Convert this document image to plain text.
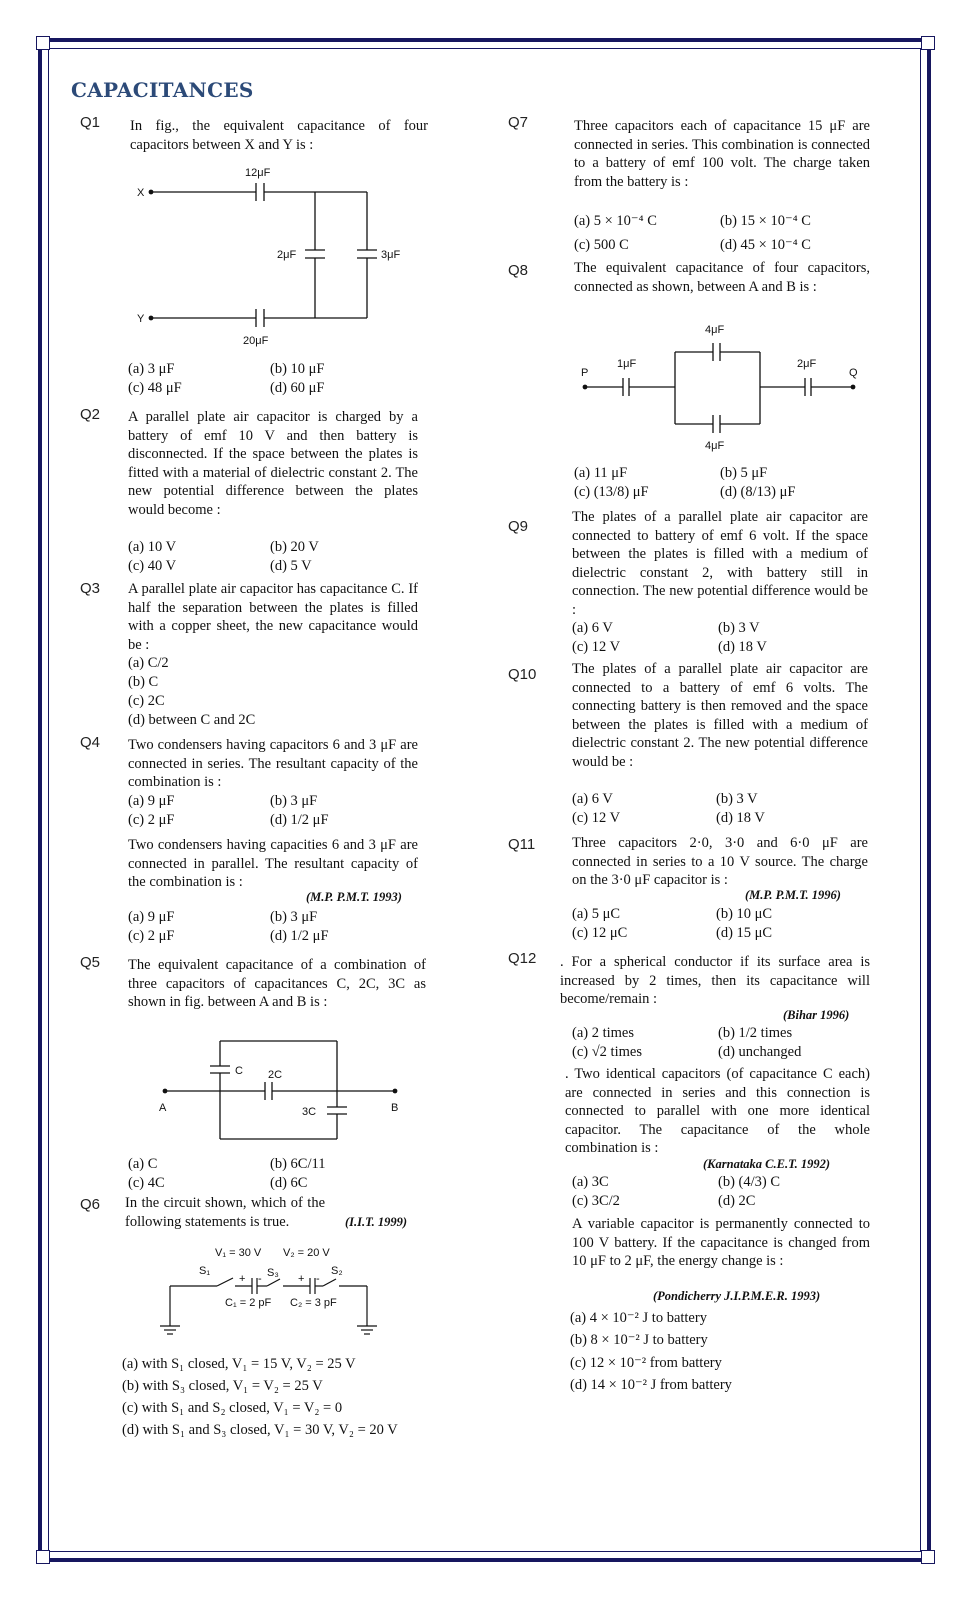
CAPACITANCES
Q1 In fig., the equivalent capacitance of four capacitors between X and Y is :
X
Y
12μF
2μF	3μF
20μF
(a) 3 μF	(b) 10 μF
(c) 48 μF	(d) 60 μF
Q2 A parallel plate air capacitor is charged by a battery of emf 10 V and then battery is disconnected. If the space between the plates is fitted with a material of dielectric constant 2. The new potential difference between the plates would become :
(a) 10 V	(b) 20 V
(c) 40 V	(d) 5 V
Q3 A parallel plate air capacitor has capacitance C. If half the separation between the plates is filled with a copper sheet, the new capacitance would be :
(a) C/2
(b) C
(c) 2C
(d) between C and 2C
Q4 Two condensers having capacitors 6 and 3 μF are connected in series. The resultant capacity of the combination is :
(a) 9 μF	(b) 3 μF
(c) 2 μF	(d) 1/2 μF
Two condensers having capacities 6 and 3 μF are connected in parallel. The resultant capacity of the combination is :
(M.P. P.M.T. 1993)
(a) 9 μF	(b) 3 μF
(c) 2 μF	(d) 1/2 μF
Q5 The equivalent capacitance of a combination of three capacitors of capacitances C, 2C, 3C as shown in fig. between A and B is :
C 2C
3C
A	B
(a) C	(b) 6C/11
(c) 4C	(d) 6C
Q6 In the circuit shown, which of the following statements is true.	(I.I.T. 1999)
V₁ = 30 V V₂ = 20 V
S₁	S₃	S₂
+ -	+ -
C₁ = 2 pF C₂ = 3 pF
(a) with S₁ closed, V₁ = 15 V, V₂ = 25 V
(b) with S₃ closed, V₁ = V₂ = 25 V
(c) with S₁ and S₂ closed, V₁ = V₂ = 0
(d) with S₁ and S₃ closed, V₁ = 30 V, V₂ = 20 V
Q7	Three capacitors each of capacitance 15 μF are connected in series. This combination is connected to a battery of emf 100 volt. The charge taken from the battery is :
(a) 5 × 10⁻⁴ C	(b) 15 × 10⁻⁴ C
(c) 500 C	(d) 45 × 10⁻⁴ C
Q8	The equivalent capacitance of four capacitors, connected as shown, between A and B is :
P	Q
1μF	2μF
4μF
4μF
(a) 11 μF	(b) 5 μF
(c) (13/8) μF	(d) (8/13) μF
Q9
The plates of a parallel plate air capacitor are connected to battery of emf 6 volt. If the space between the plates is filled with a medium of dielectric constant 2, with battery still in connection. The new potential difference would be :
(a) 6 V	(b) 3 V
(c) 12 V	(d) 18 V
Q10 The plates of a parallel plate air capacitor are connected to a battery of emf 6 volts. The connecting battery is then removed and the space between the plates is filled with a medium of dielectric constant 2. The new potential difference would be :
(a) 6 V	(b) 3 V
(c) 12 V	(d) 18 V
Q11	Three capacitors 2·0, 3·0 and 6·0 μF are connected in series to a 10 V source. The charge on the 3·0 μF capacitor is :
(M.P. P.M.T. 1996)
(a) 5 μC	(b) 10 μC
(c) 12 μC	(d) 15 μC
Q12 . For a spherical conductor if its surface area is increased by 2 times, then its capacitance will become/remain :
(Bihar 1996)
(a) 2 times	(b) 1/2 times
(c) √2 times	(d) unchanged
. Two identical capacitors (of capacitance C each) are connected in series and this connection is connected to parallel with one more identical capacitor. The capacitance of the whole combination is :
(Karnataka C.E.T. 1992)
(a) 3C	(b) (4/3) C
(c) 3C/2	(d) 2C
A variable capacitor is permanently connected to 100 V battery. If the capacitance is changed from 10 μF to 2 μF, the energy change is :
(Pondicherry J.I.P.M.E.R. 1993)
(a) 4 × 10⁻² J to battery
(b) 8 × 10⁻² J to battery
(c) 12 × 10⁻² from battery
(d) 14 × 10⁻² J from battery
